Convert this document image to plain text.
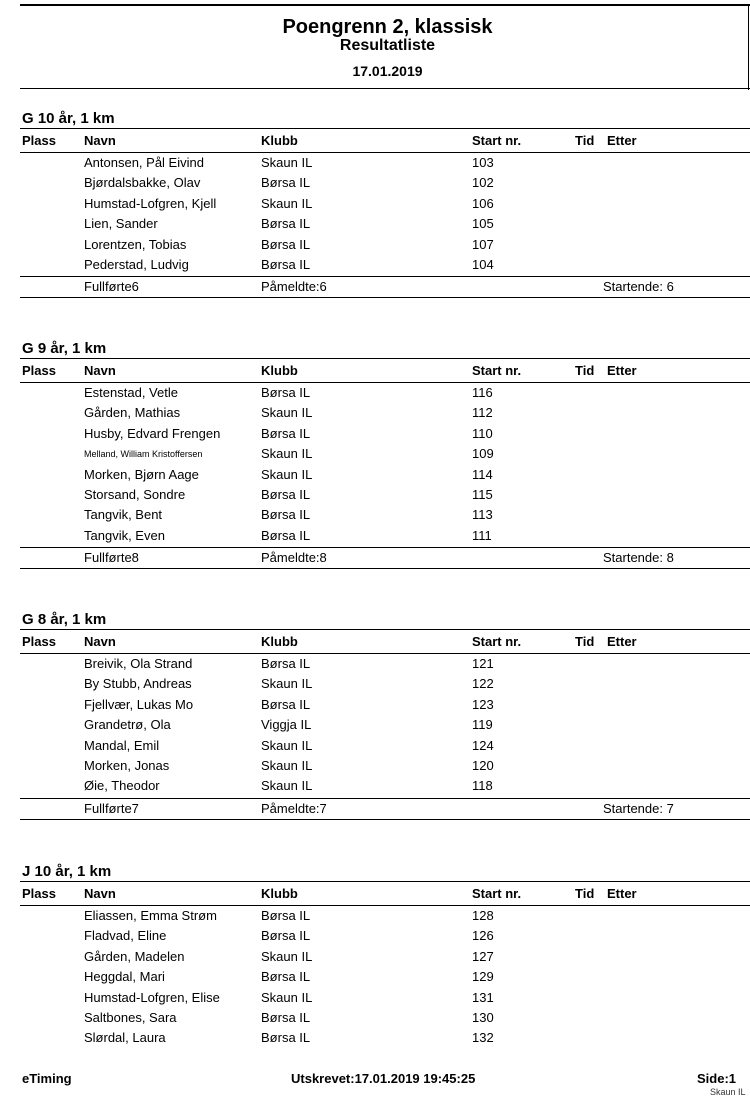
Poengrenn 2, klassisk
Resultatliste
17.01.2019
G 10 år, 1 km
Plass Navn	Klubb	Start nr.	Tid Etter
Antonsen, Pål Eivind	Skaun IL	103
Bjørdalsbakke, Olav	Børsa IL	102
Humstad-Lofgren, Kjell	Skaun IL	106
Lien, Sander	Børsa IL	105
Lorentzen, Tobias	Børsa IL	107
Pederstad, Ludvig	Børsa IL	104
Fullførte6	Påmeldte:6	Startende: 6
G 9 år, 1 km
Plass Navn	Klubb	Start nr.	Tid Etter
Estenstad, Vetle	Børsa IL	116
Gården, Mathias	Skaun IL	112
Husby, Edvard Frengen	Børsa IL	110
Melland, William Kristoffersen	Skaun IL	109
Morken, Bjørn Aage	Skaun IL	114
Storsand, Sondre	Børsa IL	115
Tangvik, Bent	Børsa IL	113
Tangvik, Even	Børsa IL	111
Fullførte8	Påmeldte:8	Startende: 8
G 8 år, 1 km
Plass Navn	Klubb	Start nr.	Tid Etter
Breivik, Ola Strand	Børsa IL	121
By Stubb, Andreas	Skaun IL	122
Fjellvær, Lukas Mo	Børsa IL	123
Grandetrø, Ola	Viggja IL	119
Mandal, Emil	Skaun IL	124
Morken, Jonas	Skaun IL	120
Øie, Theodor	Skaun IL	118
Fullførte7	Påmeldte:7	Startende: 7
J 10 år, 1 km
Plass Navn	Klubb	Start nr.	Tid Etter
Eliassen, Emma Strøm	Børsa IL	128
Fladvad, Eline	Børsa IL	126
Gården, Madelen	Skaun IL	127
Heggdal, Mari	Børsa IL	129
Humstad-Lofgren, Elise	Skaun IL	131
Saltbones, Sara	Børsa IL	130
Slørdal, Laura	Børsa IL	132
eTiming	Utskrevet:17.01.2019 19:45:25	Side:1
Skaun IL
